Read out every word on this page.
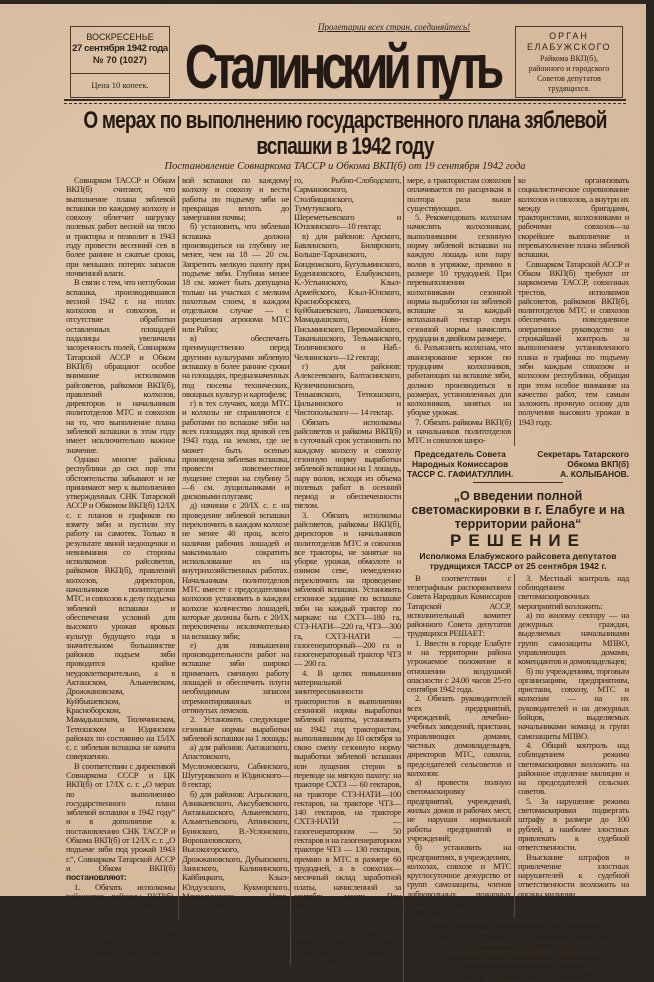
ВОСКРЕСЕНЬЕ
27 сентября 1942 года
№ 70 (1027)
Цена 10 копеек.
Пролетарии всех стран, соединяйтесь!
Сталинский путь	ОРГАН
ЕЛАБУЖСКОГО
Райкома ВКП(б),
районного и городского
Советов депутатов
трудящихся.
О мерах по выполнению государственного плана зяблевой
вспашки в 1942 году
Постановление Совнаркома ТАССР и Обкома ВКП(б) от 19 сентября 1942 года

Совнарком ТАССР и Обком ВКП(б) считают, что выполнение плана зяблевой вспашки по каждому колхозу и совхозу облегчит нагрузку полевых работ весной на тягло и тракторы и позволит в 1943 году провести весенний сев в более ранние и сжатые сроки, при меньших потерях запасов почвенной влаги.

В связи с тем, что неглубокая вспашка, производившаяся весной 1942 г. на полях колхозов и совхозов, и отсутствие обработки оставленных площадей падалицы увеличили засоренность полей, Совнарком Татарской АССР и Обком ВКП(б) обращают особое внимание исполкомов райсоветов, райкомов ВКП(б), правлений колхозов, директоров и начальников политотделов МТС и совхозов на то, что выполнение плана зяблевой вспашки в этом году имеет исключительно важное значение.

Однако многие районы республики до сих пор эти обстоятельства забывают и не принимают мер к выполнению утвержденных СНК Татарской АССР и Обкомом ВКП(б) 12/IX с. г. планов и графиков по взмету зяби и пустили эту работу на самотек. Только в результате явной недооценки и невнимания со стороны исполкомов райсоветов, райкомов ВКП(б), правлений колхозов, директоров, начальников политотделов МТС и совхозов к делу подъема зяблевой вспашки и обеспечения условий для высокого урожая яровых культур будущего года в значительном большинстве районов подъем зяби проводится крайне неудовлетворительно, а в Акташском, Алькеевском, Дрожжановском, Куйбышевском, Красноборском, Мамадышском, Тюлячинском, Тетюшском и Юдинском районах по состоянию на 15/IX с. г. зяблевая вспашка не начата совершенно.

В соответствии с директивой Совнаркома СССР и ЦК ВКП(б) от 17/IX с. г. „О мерах по выполнению государственного плана зяблевой вспашки в 1942 году“ и в дополнение к постановлению СНК ТАССР и Обкома ВКП(б) от 12/IX с. г. „О подъеме зяби под урожай 1943 г.“, Совнарком Татарской АССР и Обком ВКП(б) постановляют:

1. Обязать исполкомы райсоветов, райкомы ВКП(б), правления колхозов, директоров и начальников политотделов МТС и совхозов:

а) обеспечить выполнение установленного государственного плана зябле-

вой вспашки по каждому колхозу и совхозу и вести работы по подъему зяби не прекращая вплоть до замерзания почвы;

б) установить, что зяблевая вспашка должна производиться на глубину не менее, чем на 18 — 20 см. Запретить мелкую пахоту при подъеме зяби. Глубина менее 18 см. может быть допущена только на участках с мелким пахотным слоем, в каждом отдельном случае — с разрешения агронома МТС или Райзо;

в) обеспечить преимущественно перед другими культурами зяблевую вспашку в более ранние сроки на площадях, предназначенных под посевы технических, овощных культур и картофеля;

г) в тех случаях, когда МТС и колхозы не справляются с работами по вспашке зяби на всех площадях под яровой сев 1943 года, на землях, где не может быть осенью произведена зяблевая вспашка, провести повсеместное лущение стерни на глубину 5—6 см. лущильниками и дисковыми плугами;

д) начиная с 20/IX с. г. на проведение зяблевой вспашки переключить в каждом колхозе не менее 40 проц. всего наличия рабочих лошадей и максимально сократить использование их на внутрихозяйственных работах. Начальникам политотделов МТС вместе с председателями колхозов установить в каждом колхозе количество лошадей, которые должны быть с 20/IX переключены исключительно на вспашку зяби;

е) для повышения производительности работ на вспашке зяби широко применить сменную работу лошадей и обеспечить плуги необходимым запасом отремонтированных и оттянутых лемехов.

2. Установить следующие сезонные нормы выработки зяблевой вспашки на 1 лошадь:

а) для районов: Акташского, Апастовского, Муслюмовского, Сабинского, Шугуровского и Юдинского—8 гектар;

б) для районов: Агрызского, Азнакаевского, Аксубаевского, Актанышского, Алькеевского, Альметьевского, Атнинского, Буинского, В.-Услонского, Ворошиловского, Высокогорского, Дрожжановского, Дубъязского, Заинского, Калининского, Кайбицкого, Кзыл-Юлдузского, Кукморского, Мензелинского, Ново-Шешминского, Нурлатского, Октябрьского, Пестречинско-

го, Рыбно-Слободского, Сармановского, Столбищинского, Тумутукского, Шереметьевского и Ютазинского—10 гектар;

в) для районов: Арского, Бавлинского, Билярского, Больше-Тарханского, Бондюжского, Бугульминского, Буденновского, Елабужского, К.-Устьинского, Кзыл-Армейского, Кзыл-Юлского, Красноборского, Куйбышевского, Лаишевского, Мамадышского, Ново-Письминского, Первомайского, Таканышского, Тельманского, Тюлячинского и Наб.-Челнинского—12 гектар;

г) для районов: Алексеевского, Балтасинского, Кузнечихинского, Теньковского, Тетюшского, Цильнинского и Чистопольского — 14 гектар.

Обязать исполкомы райсоветов и райкомы ВКП(б) в суточный срок установить по каждому колхозу и совхозу сезонную норму выработки зяблевой вспашки на 1 лошадь, пару волов, исходя из объема полевых работ в осенний период и обеспеченности тяглом.

3. Обязать исполкомы райсоветов, райкомы ВКП(б), директоров и начальников политотделов МТС и совхозов все тракторы, не занятые на уборке урожая, обмолоте и озимом севе, немедленно переключить на проведение зяблевой вспашки. Установить сезонное задание по вспашке зяби на каждый трактор по маркам: на СХТЗ—180 га, СТЗ-НАТИ—220 га, ЧТЗ—300 га, СХТЗ-НАТИ — газогенераторный—200 га и газогенераторный трактор ЧТЗ — 200 га.

4. В целях повышения материальной заинтересованности трактористов в выполнении сезонной нормы выработки зяблевой пахоты, установить на 1942 год трактористам, выполнившим до 10 октября за свою смену сезонную норму выработки зяблевой вспашки или лущения стерни в переводе на мягкую пахоту: на тракторе СХТЗ — 60 гектаров, на тракторе СТЗ-НАТИ—100 гектаров, на тракторе ЧТЗ—140 гектаров, на тракторе СХТЗ-НАТИ — газогенераторном — 50 гектаров и на газогенераторном тракторе ЧТЗ — 130 гектаров, премию в МТС в размере 60 трудодней, а в совхозах—месячный оклад заработной платы, начисленной за сентябрь месяц. При перевыполнении установленной выше сезонной нормы выработки за каждый вспаханный гектар зяби сверх нормы трактористам МТС начисляются трудодни в полуторном раз-

мере, а трактористам совхозов оплачивается по расценкам в полтора раза выше существующих.

5. Рекомендовать колхозам начислять колхозникам, выполнившим сезонную норму зяблевой вспашки на каждую лошадь или пару волов в упряжке, премию в размере 10 трудодней. При перевыполнении колхозниками сезонной нормы выработки на зяблевой вспашке за каждый вспаханный гектар сверх сезонной нормы начислять трудодни в двойном размере.

6. Разъяснить колхозам, что авансирование зерном по трудодням колхозников, работающих на вспашке зяби, должно производиться в размерах, установленных для колхозников, занятых на уборке урожая.

7. Обязать райкомы ВКП(б) и начальников политотделов МТС и совхозов широ-

ко организовать социалистическое соревнование колхозов и совхозов, а внутри их между бригадами, трактористами, колхозниками и рабочими совхозов—за скорейшее выполнение и перевыполнение плана зяблевой вспашки.

Совнарком Татарской АССР и Обком ВКП(б) требуют от наркомзема ТАССР, совхозных трестов, исполкомов райсоветов, райкомов ВКП(б), политотделов МТС и совхозов обеспечить повседневное оперативное руководство и строжайший контроль за выполнением установленного плана и графика по подъему зяби каждым совхозом и колхозом республики, обращая при этом особое внимание на качество работ, тем самым заложить прочную основу для получения высокого урожая в 1943 году.

Председатель Совета
Народных Комиссаров
ТАССР С. ГАФИАТУЛЛИН.
Секретарь Татарского
Обкома ВКП(б)
А. КОЛЫБАНОВ.
„О введении полной светомаскировки в г. Елабуге и на территории района“
РЕШЕНИЕ
Исполкома Елабужского райсовета депутатов трудящихся ТАССР от 25 сентября 1942 г.

В соответствии с телеграфным распоряжением Совета Народных Комиссаров Татарской АССР, исполнительный комитет районного Совета депутатов трудящихся РЕШАЕТ:

1. Ввести в городе Елабуге и на территории района угрожаемое положение в отношении воздушной опасности с 24.00 часов 25-го сентября 1942 года.

2. Обязать руководителей всех предприятий, учреждений, лечебно-учебных заведений, пристани, управляющих домами, частных домовладельцев, директоров МТС, совхоза, председателей сельсоветов и колхозов:

а) провести полную светомаскировку предприятий, учреждений, жилых домов и рабочих мест, не нарушая нормальной работы предприятий и учреждений;

б) установить на предприятиях, в учреждениях, колхозах, совхозе и МТС круглосуточное дежурство от групп самозащиты, членов добровольных пожарных дружин, бригадиров и актива колхозов и т. д.

3. Местный контроль над соблюдением светомаскировочных мероприятий возложить:

а) по жилому сектору — на дежурных граждан, выделяемых начальниками групп самозащиты МПВО, управляющих домами, комендантов и домовладельцев;

б) по учреждениям, торговым организациям, предприятиям, пристани, совхозу, МТС и колхозам — на их руководителей и на дежурных бойцов, выделяемых начальниками команд и групп самозащиты МПВО.

4. Общий контроль над соблюдением режима светомаскировки возложить на районное отделение милиции и на председателей сельских советов.

5. За нарушение режима светомаскировки подвергать штрафу в размере до 100 рублей, а наиболее злостных привлекать к судебной ответственности.

Взыскание штрафов и привлечение злостных нарушителей к судебной ответственности возложить на органы милиции.

Председатель Исполнительного Комитета
Елабужского Районного Совета депутатов
трудящихся В. МИНГАЗОВ.
Секретарь Исполнительного Комитета
Елабужского Районного Совета
депутатов трудящихся Ф. ТИХОНОВ.
